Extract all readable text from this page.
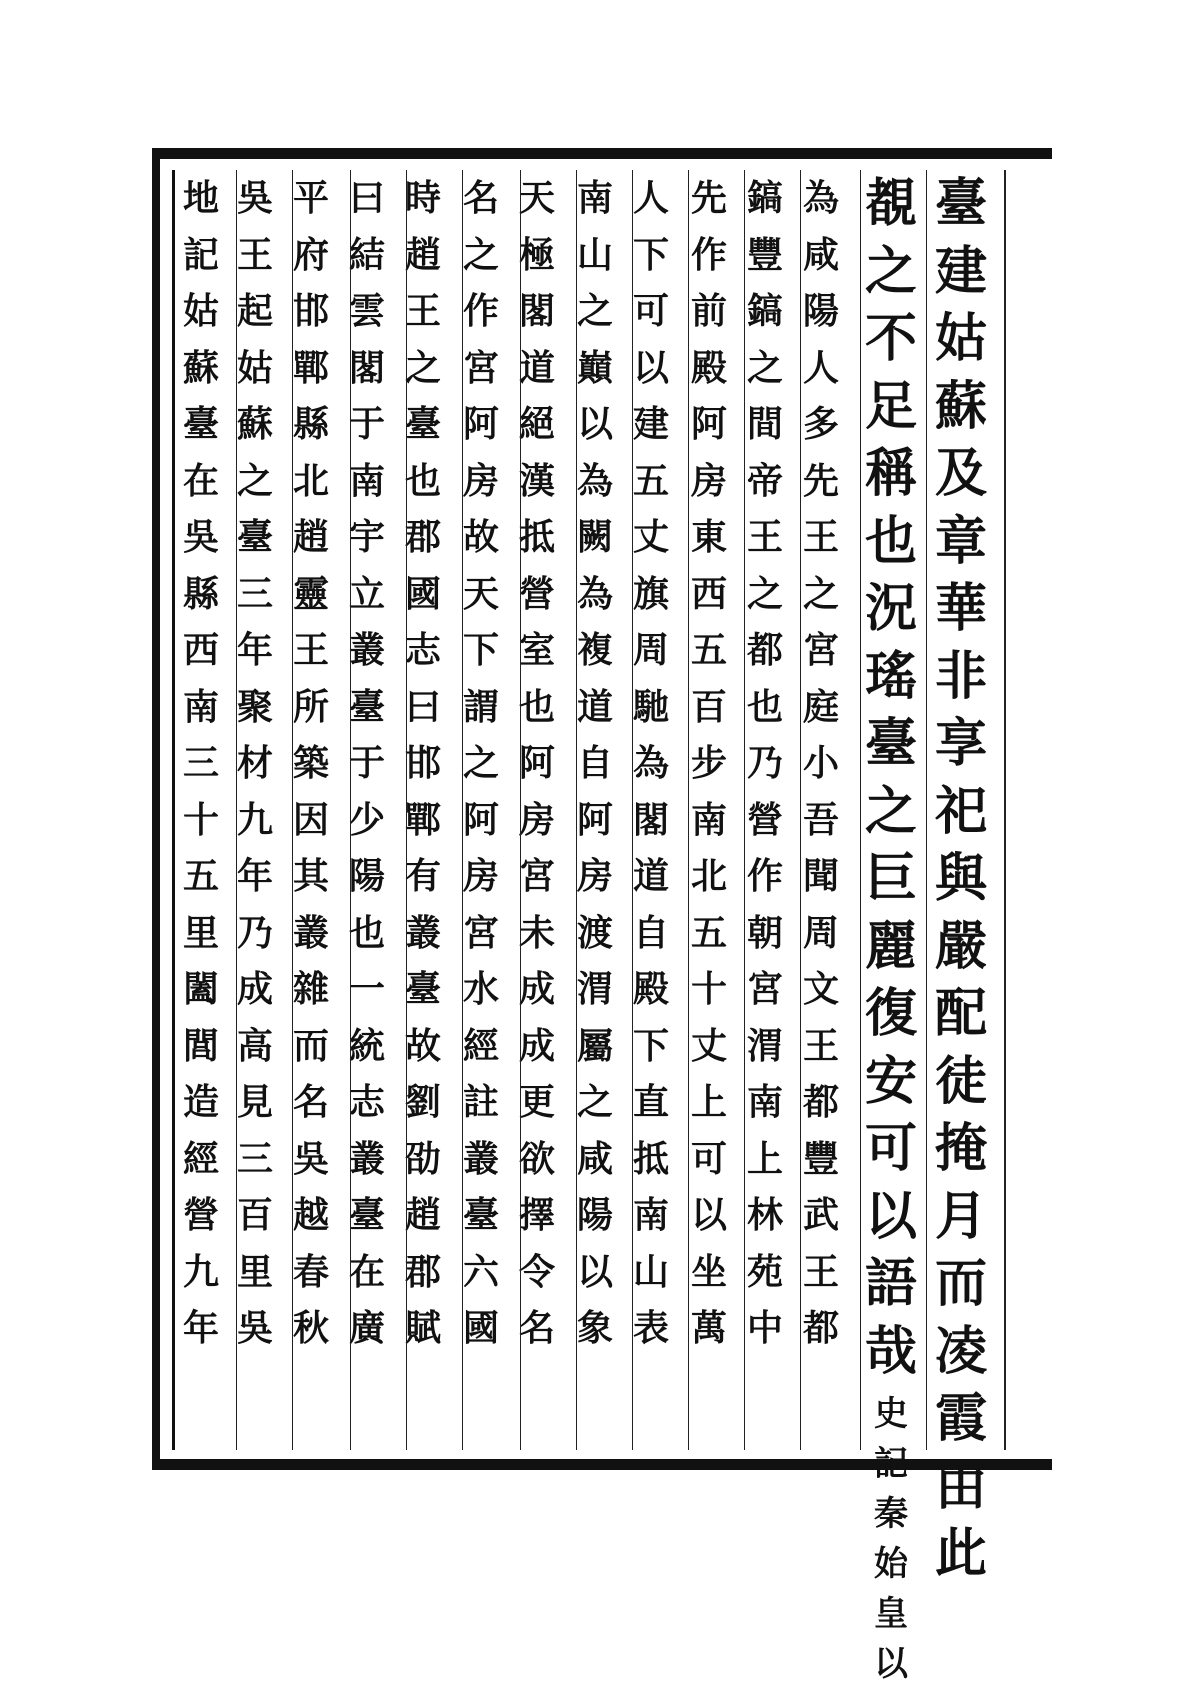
臺建姑蘇及章華非享祀與嚴配徒掩月而凌霞由此
覩之不足稱也況瑤臺之巨麗復安可以語哉
史記秦始皇以
為咸陽人多先王之宮庭小吾聞周文王都豐武王都
鎬豐鎬之間帝王之都也乃營作朝宮渭南上林苑中
先作前殿阿房東西五百步南北五十丈上可以坐萬
人下可以建五丈旗周馳為閣道自殿下直抵南山表
南山之巔以為闕為複道自阿房渡渭屬之咸陽以象
天極閣道絕漢抵營室也阿房宮未成成更欲擇令名
名之作宮阿房故天下謂之阿房宮水經註叢臺六國
時趙王之臺也郡國志曰邯鄲有叢臺故劉劭趙郡賦
曰結雲閣于南宇立叢臺于少陽也一統志叢臺在廣
平府邯鄲縣北趙靈王所築因其叢雜而名吳越春秋
吳王起姑蘇之臺三年聚材九年乃成高見三百里吳
地記姑蘇臺在吳縣西南三十五里闔閭造經營九年
